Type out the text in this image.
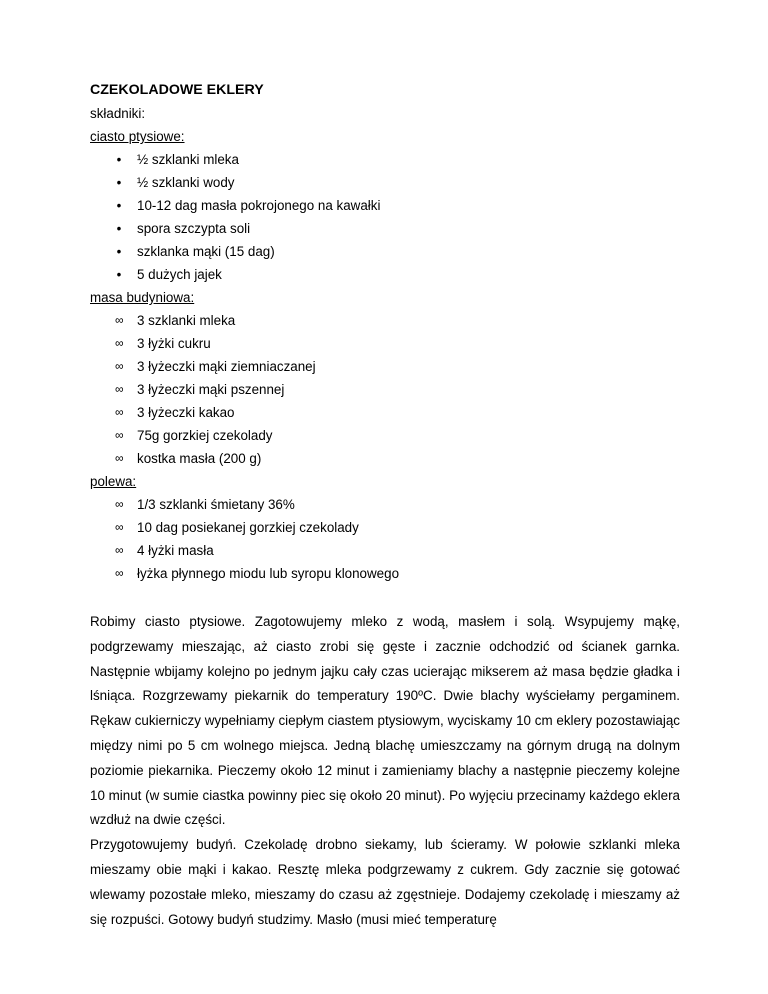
CZEKOLADOWE EKLERY

składniki:

ciasto ptysiowe:

• ½ szklanki mleka
• ½ szklanki wody
• 10-12 dag masła pokrojonego na kawałki
• spora szczypta soli
• szklanka mąki (15 dag)
• 5 dużych jajek

masa budyniowa:

∞ 3 szklanki mleka
∞ 3 łyżki cukru
∞ 3 łyżeczki mąki ziemniaczanej
∞ 3 łyżeczki mąki pszennej
∞ 3 łyżeczki kakao
∞ 75g gorzkiej czekolady
∞ kostka masła (200 g)

polewa:

∞ 1/3 szklanki śmietany 36%
∞ 10 dag posiekanej gorzkiej czekolady
∞ 4 łyżki masła
∞ łyżka płynnego miodu lub syropu klonowego

Robimy ciasto ptysiowe. Zagotowujemy mleko z wodą, masłem i solą. Wsypujemy mąkę, podgrzewamy mieszając, aż ciasto zrobi się gęste i zacznie odchodzić od ścianek garnka. Następnie wbijamy kolejno po jednym jajku cały czas ucierając mikserem aż masa będzie gładka i lśniąca. Rozgrzewamy piekarnik do temperatury 190ºC. Dwie blachy wyściełamy pergaminem. Rękaw cukierniczy wypełniamy ciepłym ciastem ptysiowym, wyciskamy 10 cm eklery pozostawiając między nimi po 5 cm wolnego miejsca. Jedną blachę umieszczamy na górnym drugą na dolnym poziomie piekarnika. Pieczemy około 12 minut i zamieniamy blachy a następnie pieczemy kolejne 10 minut (w sumie ciastka powinny piec się około 20 minut). Po wyjęciu przecinamy każdego eklera wzdłuż na dwie części.

Przygotowujemy budyń. Czekoladę drobno siekamy, lub ścieramy. W połowie szklanki mleka mieszamy obie mąki i kakao. Resztę mleka podgrzewamy z cukrem. Gdy zacznie się gotować wlewamy pozostałe mleko, mieszamy do czasu aż zgęstnieje. Dodajemy czekoladę i mieszamy aż się rozpuści. Gotowy budyń studzimy. Masło (musi mieć temperaturę
